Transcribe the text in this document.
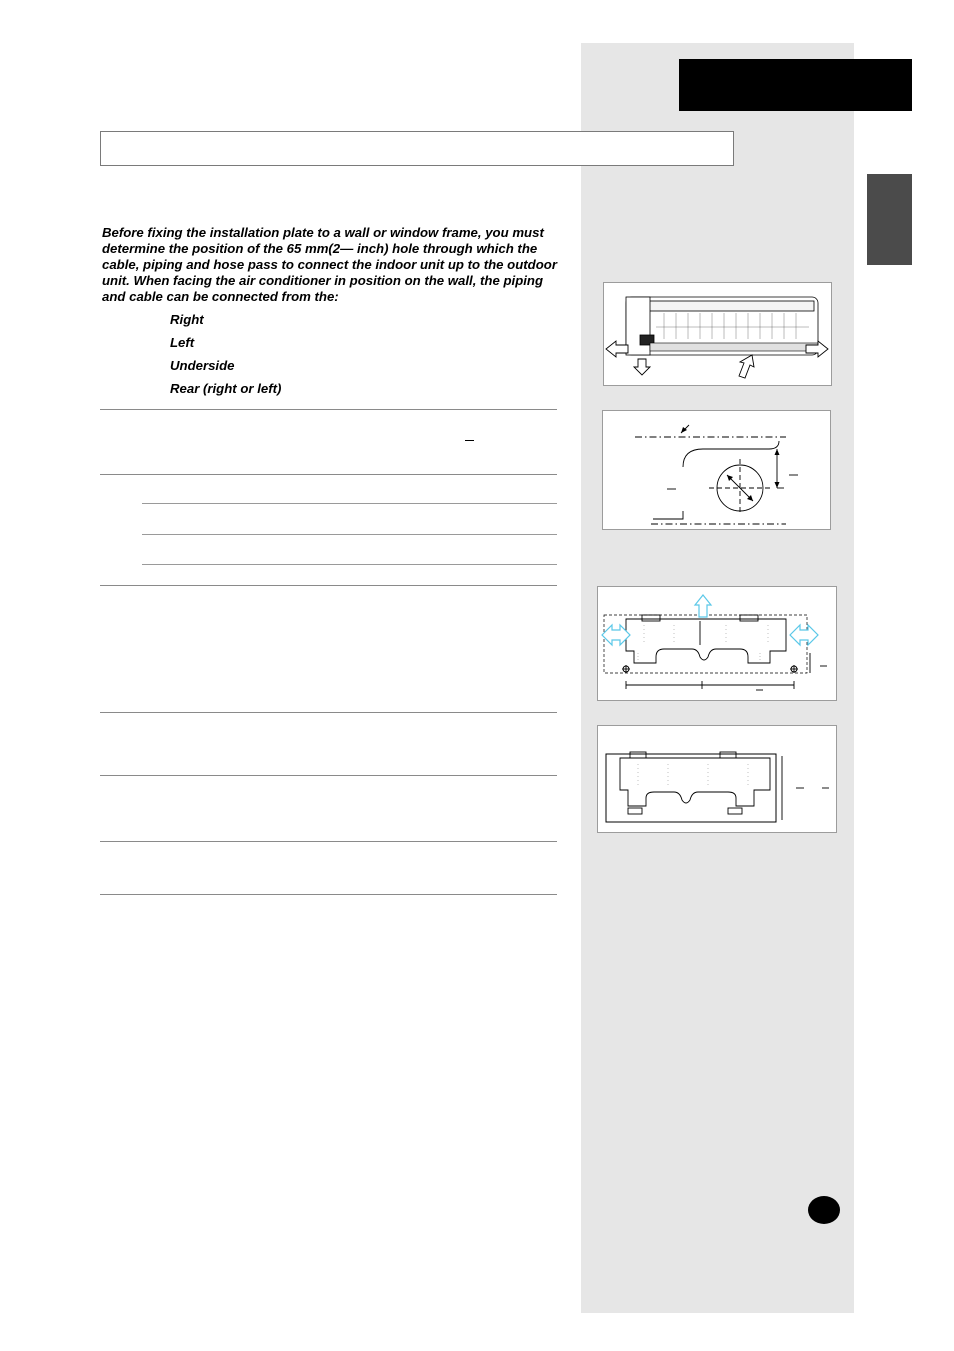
Before fixing the installation plate to a wall or window frame, you must determine the position of the 65 mm(2— inch) hole through which the cable, piping and hose pass to connect the indoor unit up to the outdoor unit. When facing the air conditioner in position on the wall, the piping and cable can be connected from the:

Right
Left
Underside
Rear (right or left)
